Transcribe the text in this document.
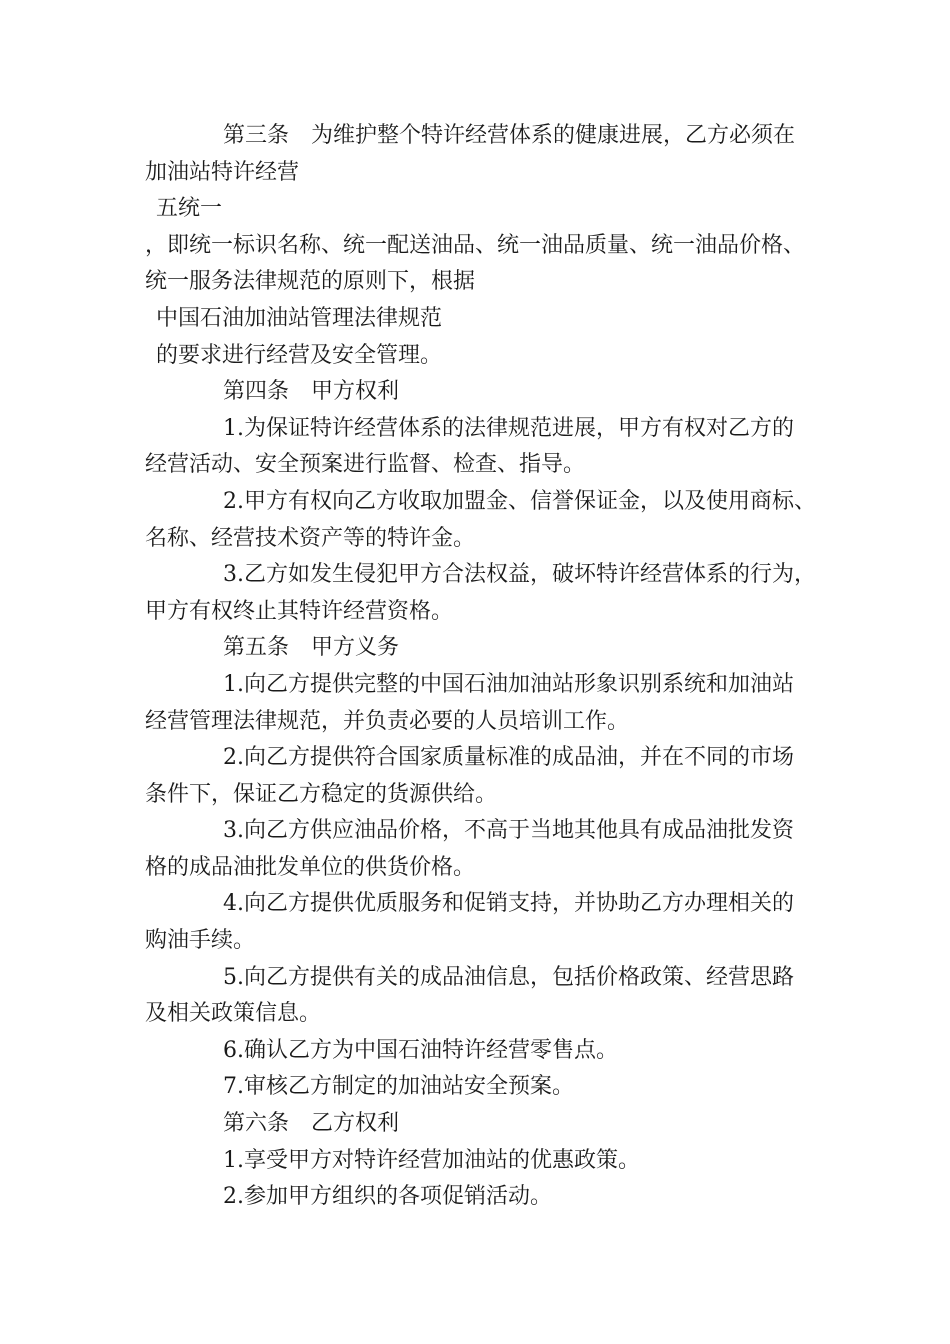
第三条　为维护整个特许经营体系的健康进展，乙方必须在
加油站特许经营
五统一
，即统一标识名称、统一配送油品、统一油品质量、统一油品价格、
统一服务法律规范的原则下，根据
中国石油加油站管理法律规范
的要求进行经营及安全管理。
第四条　甲方权利
1.为保证特许经营体系的法律规范进展，甲方有权对乙方的
经营活动、安全预案进行监督、检查、指导。
2.甲方有权向乙方收取加盟金、信誉保证金，以及使用商标、
名称、经营技术资产等的特许金。
3.乙方如发生侵犯甲方合法权益，破坏特许经营体系的行为，
甲方有权终止其特许经营资格。
第五条　甲方义务
1.向乙方提供完整的中国石油加油站形象识别系统和加油站
经营管理法律规范，并负责必要的人员培训工作。
2.向乙方提供符合国家质量标准的成品油，并在不同的市场
条件下，保证乙方稳定的货源供给。
3.向乙方供应油品价格，不高于当地其他具有成品油批发资
格的成品油批发单位的供货价格。
4.向乙方提供优质服务和促销支持，并协助乙方办理相关的
购油手续。
5.向乙方提供有关的成品油信息，包括价格政策、经营思路
及相关政策信息。
6.确认乙方为中国石油特许经营零售点。
7.审核乙方制定的加油站安全预案。
第六条　乙方权利
1.享受甲方对特许经营加油站的优惠政策。
2.参加甲方组织的各项促销活动。
